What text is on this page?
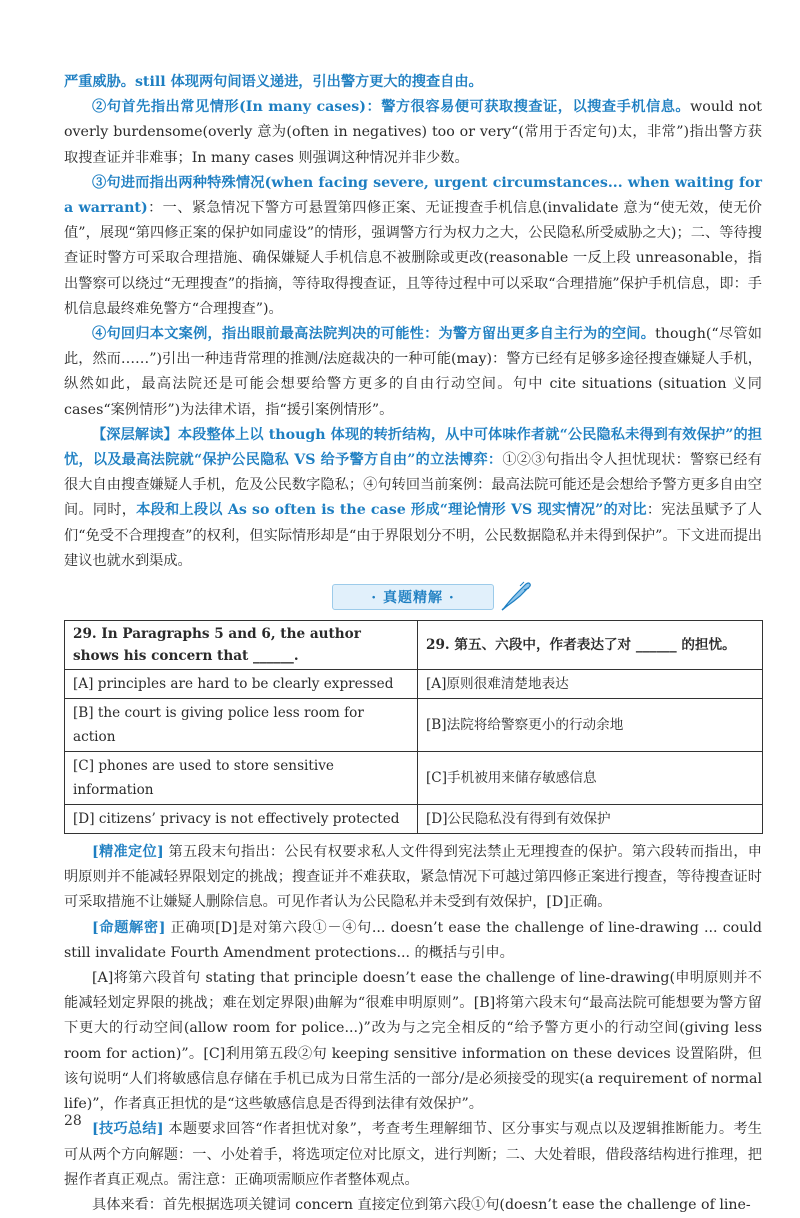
严重威胁。still 体现两句间语义递进，引出警方更大的搜查自由。

②句首先指出常见情形(In many cases)：警方很容易便可获取搜查证，以搜查手机信息。would not overly burdensome(overly 意为(often in negatives) too or very“(常用于否定句)太，非常”)指出警方获取搜查证并非难事；In many cases 则强调这种情况并非少数。

③句进而指出两种特殊情况(when facing severe, urgent circumstances... when waiting for a warrant)：一、紧急情况下警方可悬置第四修正案、无证搜查手机信息(invalidate 意为“使无效，使无价值”，展现“第四修正案的保护如同虚设”的情形，强调警方行为权力之大，公民隐私所受威胁之大)；二、等待搜查证时警方可采取合理措施、确保嫌疑人手机信息不被删除或更改(reasonable 一反上段 unreasonable，指出警察可以绕过“无理搜查”的指摘，等待取得搜查证，且等待过程中可以采取“合理措施”保护手机信息，即：手机信息最终难免警方“合理搜查”)。

④句回归本文案例，指出眼前最高法院判决的可能性：为警方留出更多自主行为的空间。though(“尽管如此，然而……”)引出一种违背常理的推测/法庭裁决的一种可能(may)：警方已经有足够多途径搜查嫌疑人手机，纵然如此，最高法院还是可能会想要给警方更多的自由行动空间。句中 cite situations (situation 义同 cases“案例情形”)为法律术语，指“援引案例情形”。

【深层解读】本段整体上以 though 体现的转折结构，从中可体味作者就“公民隐私未得到有效保护”的担忧，以及最高法院就“保护公民隐私 VS 给予警方自由”的立法博弈：①②③句指出令人担忧现状：警察已经有很大自由搜查嫌疑人手机，危及公民数字隐私；④句转回当前案例：最高法院可能还是会想给予警方更多自由空间。同时，本段和上段以 As so often is the case 形成“理论情形 VS 现实情况”的对比：宪法虽赋予了人们“免受不合理搜查”的权利，但实际情形却是“由于界限划分不明，公民数据隐私并未得到保护”。下文进而提出建议也就水到渠成。

· 真题精解 ·
29. In Paragraphs 5 and 6, the author shows his concern that ______.	29. 第五、六段中，作者表达了对 ______ 的担忧。
[A] principles are hard to be clearly expressed	[A]原则很难清楚地表达
[B] the court is giving police less room for action	[B]法院将给警察更小的行动余地
[C] phones are used to store sensitive information	[C]手机被用来储存敏感信息
[D] citizens’ privacy is not effectively protected	[D]公民隐私没有得到有效保护

[精准定位] 第五段末句指出：公民有权要求私人文件得到宪法禁止无理搜查的保护。第六段转而指出，申明原则并不能减轻界限划定的挑战；搜查证并不难获取，紧急情况下可越过第四修正案进行搜查，等待搜查证时可采取措施不让嫌疑人删除信息。可见作者认为公民隐私并未受到有效保护，[D]正确。

[命题解密] 正确项[D]是对第六段①－④句... doesn’t ease the challenge of line-drawing ... could still invalidate Fourth Amendment protections... 的概括与引申。

[A]将第六段首句 stating that principle doesn’t ease the challenge of line-drawing(申明原则并不能减轻划定界限的挑战；难在划定界限)曲解为“很难申明原则”。[B]将第六段末句“最高法院可能想要为警方留下更大的行动空间(allow room for police...)”改为与之完全相反的“给予警方更小的行动空间(giving less room for action)”。[C]利用第五段②句 keeping sensitive information on these devices 设置陷阱，但该句说明“人们将敏感信息存储在手机已成为日常生活的一部分/是必须接受的现实(a requirement of normal life)”，作者真正担忧的是“这些敏感信息是否得到法律有效保护”。

[技巧总结] 本题要求回答“作者担忧对象”，考查考生理解细节、区分事实与观点以及逻辑推断能力。考生可从两个方向解题：一、小处着手，将选项定位对比原文，进行判断；二、大处着眼，借段落结构进行推理，把握作者真正观点。需注意：正确项需顺应作者整体观点。

具体来看：首先根据选项关键词 concern 直接定位到第六段①句(doesn’t ease the challenge of line-

28
